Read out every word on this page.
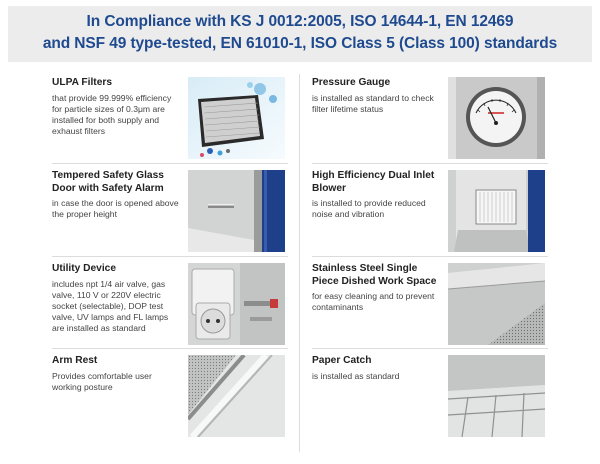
In Compliance with KS J 0012:2005, ISO 14644-1, EN 12469
and NSF 49 type-tested, EN 61010-1, ISO Class 5 (Class 100) standards
ULPA Filters
that provide 99.999% efficiency for particle sizes of 0.3μm are installed for both supply and exhaust filters
Pressure Gauge
is installed as standard to check filter lifetime status
Tempered Safety Glass Door with Safety Alarm
in case the door is opened above the proper height
High Efficiency Dual Inlet Blower
is installed to provide reduced noise and vibration
Utility Device
includes npt 1/4 air valve, gas valve, 110 V or 220V electric socket (selectable), DOP test valve, UV lamps and FL lamps are installed as standard
Stainless Steel Single Piece Dished Work Space
for easy cleaning and to prevent contaminants
Arm Rest
Provides comfortable user working posture
Paper Catch
is installed as standard
